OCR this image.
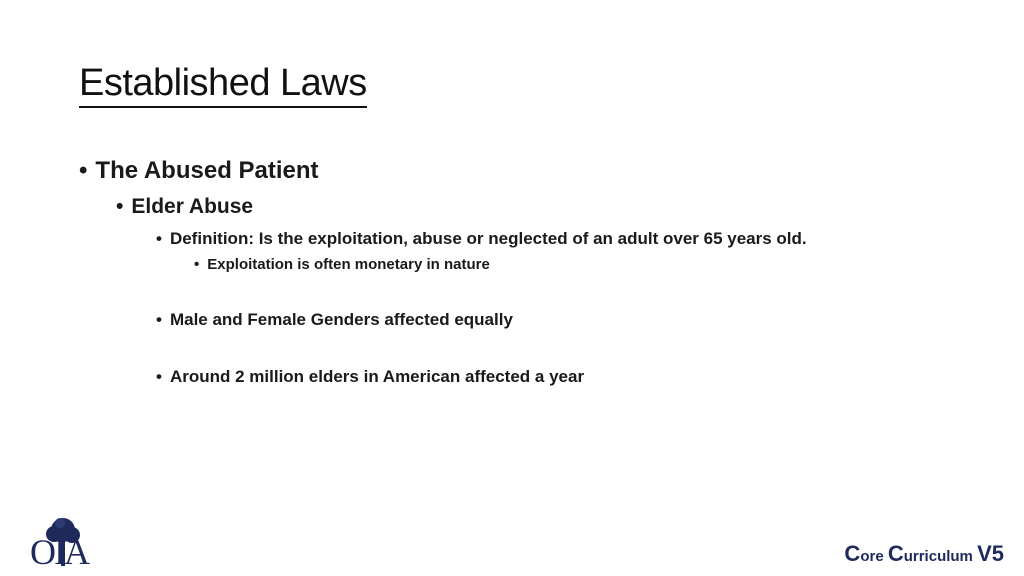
Established Laws
• The Abused Patient
• Elder Abuse
• Definition: Is the exploitation, abuse or neglected of an adult over 65 years old.
• Exploitation is often monetary in nature
• Male and Female Genders affected equally
• Around 2 million elders in American affected a year
OIA	Core Curriculum V5
